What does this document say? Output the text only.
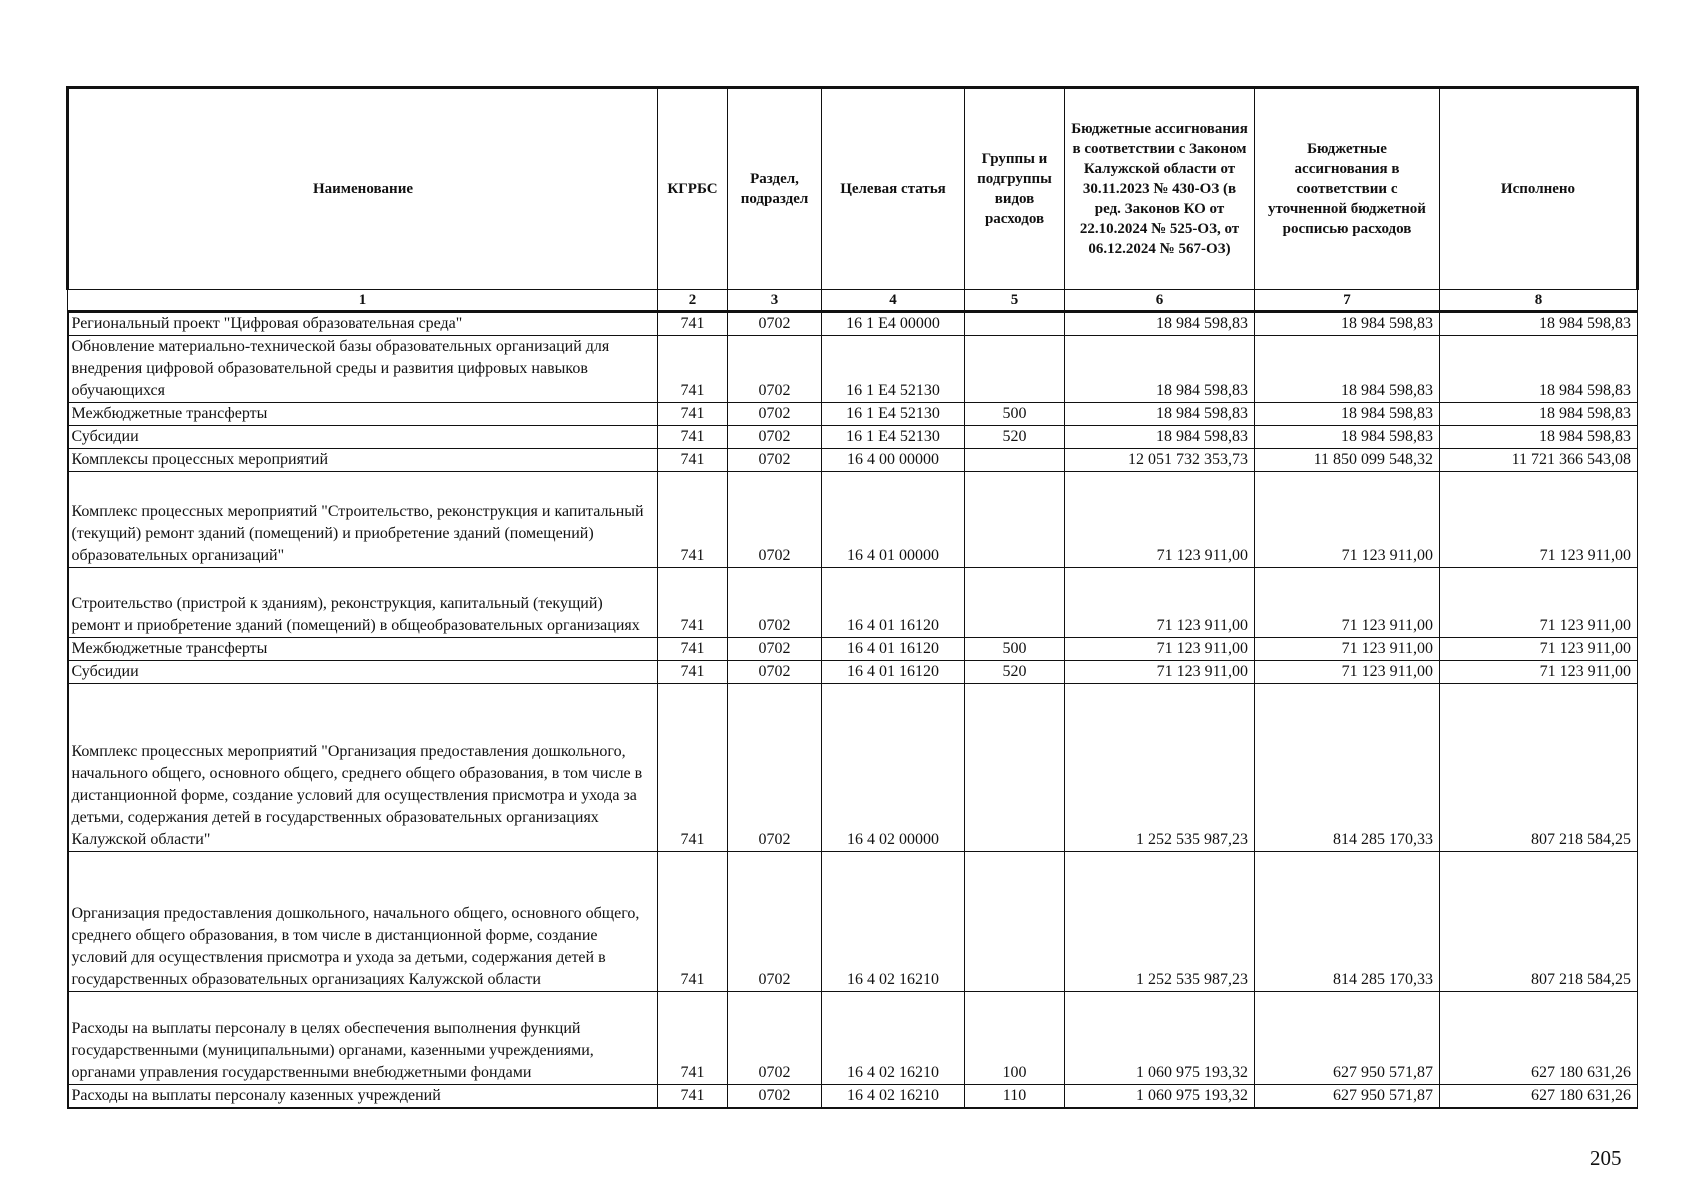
Наименование	КГРБС	Раздел, подраздел	Целевая статья	Группы и подгруппы видов расходов	Бюджетные ассигнования в соответствии с Законом Калужской области от 30.11.2023 № 430-ОЗ (в ред. Законов КО от 22.10.2024 № 525-ОЗ, от 06.12.2024 № 567-ОЗ)	Бюджетные ассигнования в соответствии с уточненной бюджетной росписью расходов	Исполнено
1	2	3	4	5	6	7	8
Региональный проект "Цифровая образовательная среда"	741	0702	16 1 E4 00000		18 984 598,83	18 984 598,83	18 984 598,83
Обновление материально-технической базы образовательных организаций для внедрения цифровой образовательной среды и развития цифровых навыков обучающихся	741	0702	16 1 E4 52130		18 984 598,83	18 984 598,83	18 984 598,83
Межбюджетные трансферты	741	0702	16 1 E4 52130	500	18 984 598,83	18 984 598,83	18 984 598,83
Субсидии	741	0702	16 1 E4 52130	520	18 984 598,83	18 984 598,83	18 984 598,83
Комплексы процессных мероприятий	741	0702	16 4 00 00000		12 051 732 353,73	11 850 099 548,32	11 721 366 543,08
Комплекс процессных мероприятий "Строительство, реконструкция и капитальный (текущий) ремонт зданий (помещений) и приобретение зданий (помещений) образовательных организаций"	741	0702	16 4 01 00000		71 123 911,00	71 123 911,00	71 123 911,00
Строительство (пристрой к зданиям), реконструкция, капитальный (текущий) ремонт и приобретение зданий (помещений) в общеобразовательных организациях	741	0702	16 4 01 16120		71 123 911,00	71 123 911,00	71 123 911,00
Межбюджетные трансферты	741	0702	16 4 01 16120	500	71 123 911,00	71 123 911,00	71 123 911,00
Субсидии	741	0702	16 4 01 16120	520	71 123 911,00	71 123 911,00	71 123 911,00
Комплекс процессных мероприятий "Организация предоставления дошкольного, начального общего, основного общего, среднего общего образования, в том числе в дистанционной форме, создание условий для осуществления присмотра и ухода за детьми, содержания детей в государственных образовательных организациях Калужской области"	741	0702	16 4 02 00000		1 252 535 987,23	814 285 170,33	807 218 584,25
Организация предоставления дошкольного, начального общего, основного общего, среднего общего образования, в том числе в дистанционной форме, создание условий для осуществления присмотра и ухода за детьми, содержания детей в государственных образовательных организациях Калужской области	741	0702	16 4 02 16210		1 252 535 987,23	814 285 170,33	807 218 584,25
Расходы на выплаты персоналу в целях обеспечения выполнения функций государственными (муниципальными) органами, казенными учреждениями, органами управления государственными внебюджетными фондами	741	0702	16 4 02 16210	100	1 060 975 193,32	627 950 571,87	627 180 631,26
Расходы на выплаты персоналу казенных учреждений	741	0702	16 4 02 16210	110	1 060 975 193,32	627 950 571,87	627 180 631,26
205
